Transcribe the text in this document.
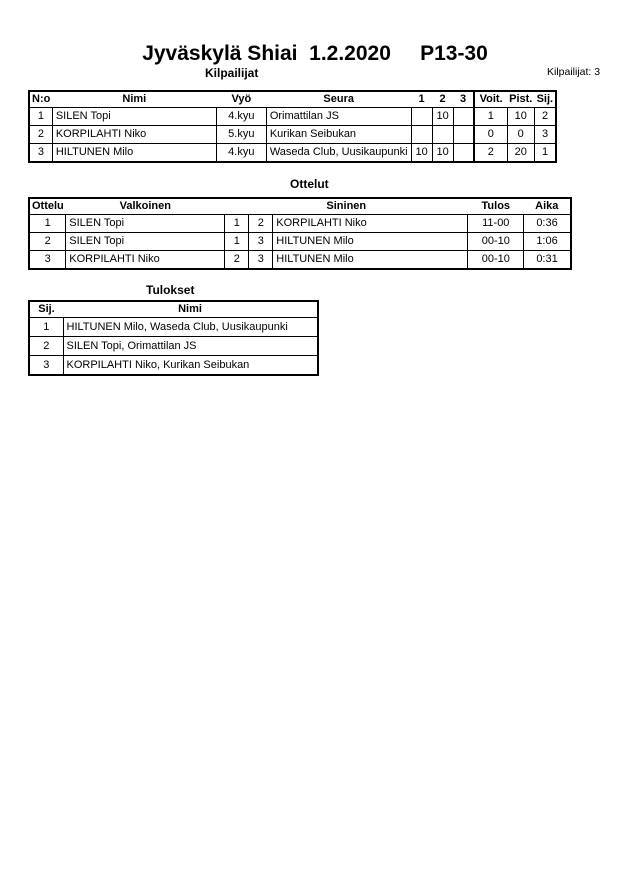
Jyväskylä Shiai  1.2.2020     P13-30
Kilpailijat	Kilpailijat: 3
N:o	Nimi	Vyö	Seura	1	2	3	Voit.	Pist.	Sij.
1	SILEN Topi	4.kyu	Orimattilan JS		10		1	10	2
2	KORPILAHTI Niko	5.kyu	Kurikan Seibukan				0	0	3
3	HILTUNEN Milo	4.kyu	Waseda Club, Uusikaupunki	10	10		2	20	1
Ottelut
Ottelu	Valkoinen	Sininen			Tulos	Aika
1	SILEN Topi	1	2	KORPILAHTI Niko	11-00	0:36
2	SILEN Topi	1	3	HILTUNEN Milo	00-10	1:06
3	KORPILAHTI Niko	2	3	HILTUNEN Milo	00-10	0:31
Tulokset
Sij.	Nimi
1	HILTUNEN Milo, Waseda Club, Uusikaupunki
2	SILEN Topi, Orimattilan JS
3	KORPILAHTI Niko, Kurikan Seibukan
